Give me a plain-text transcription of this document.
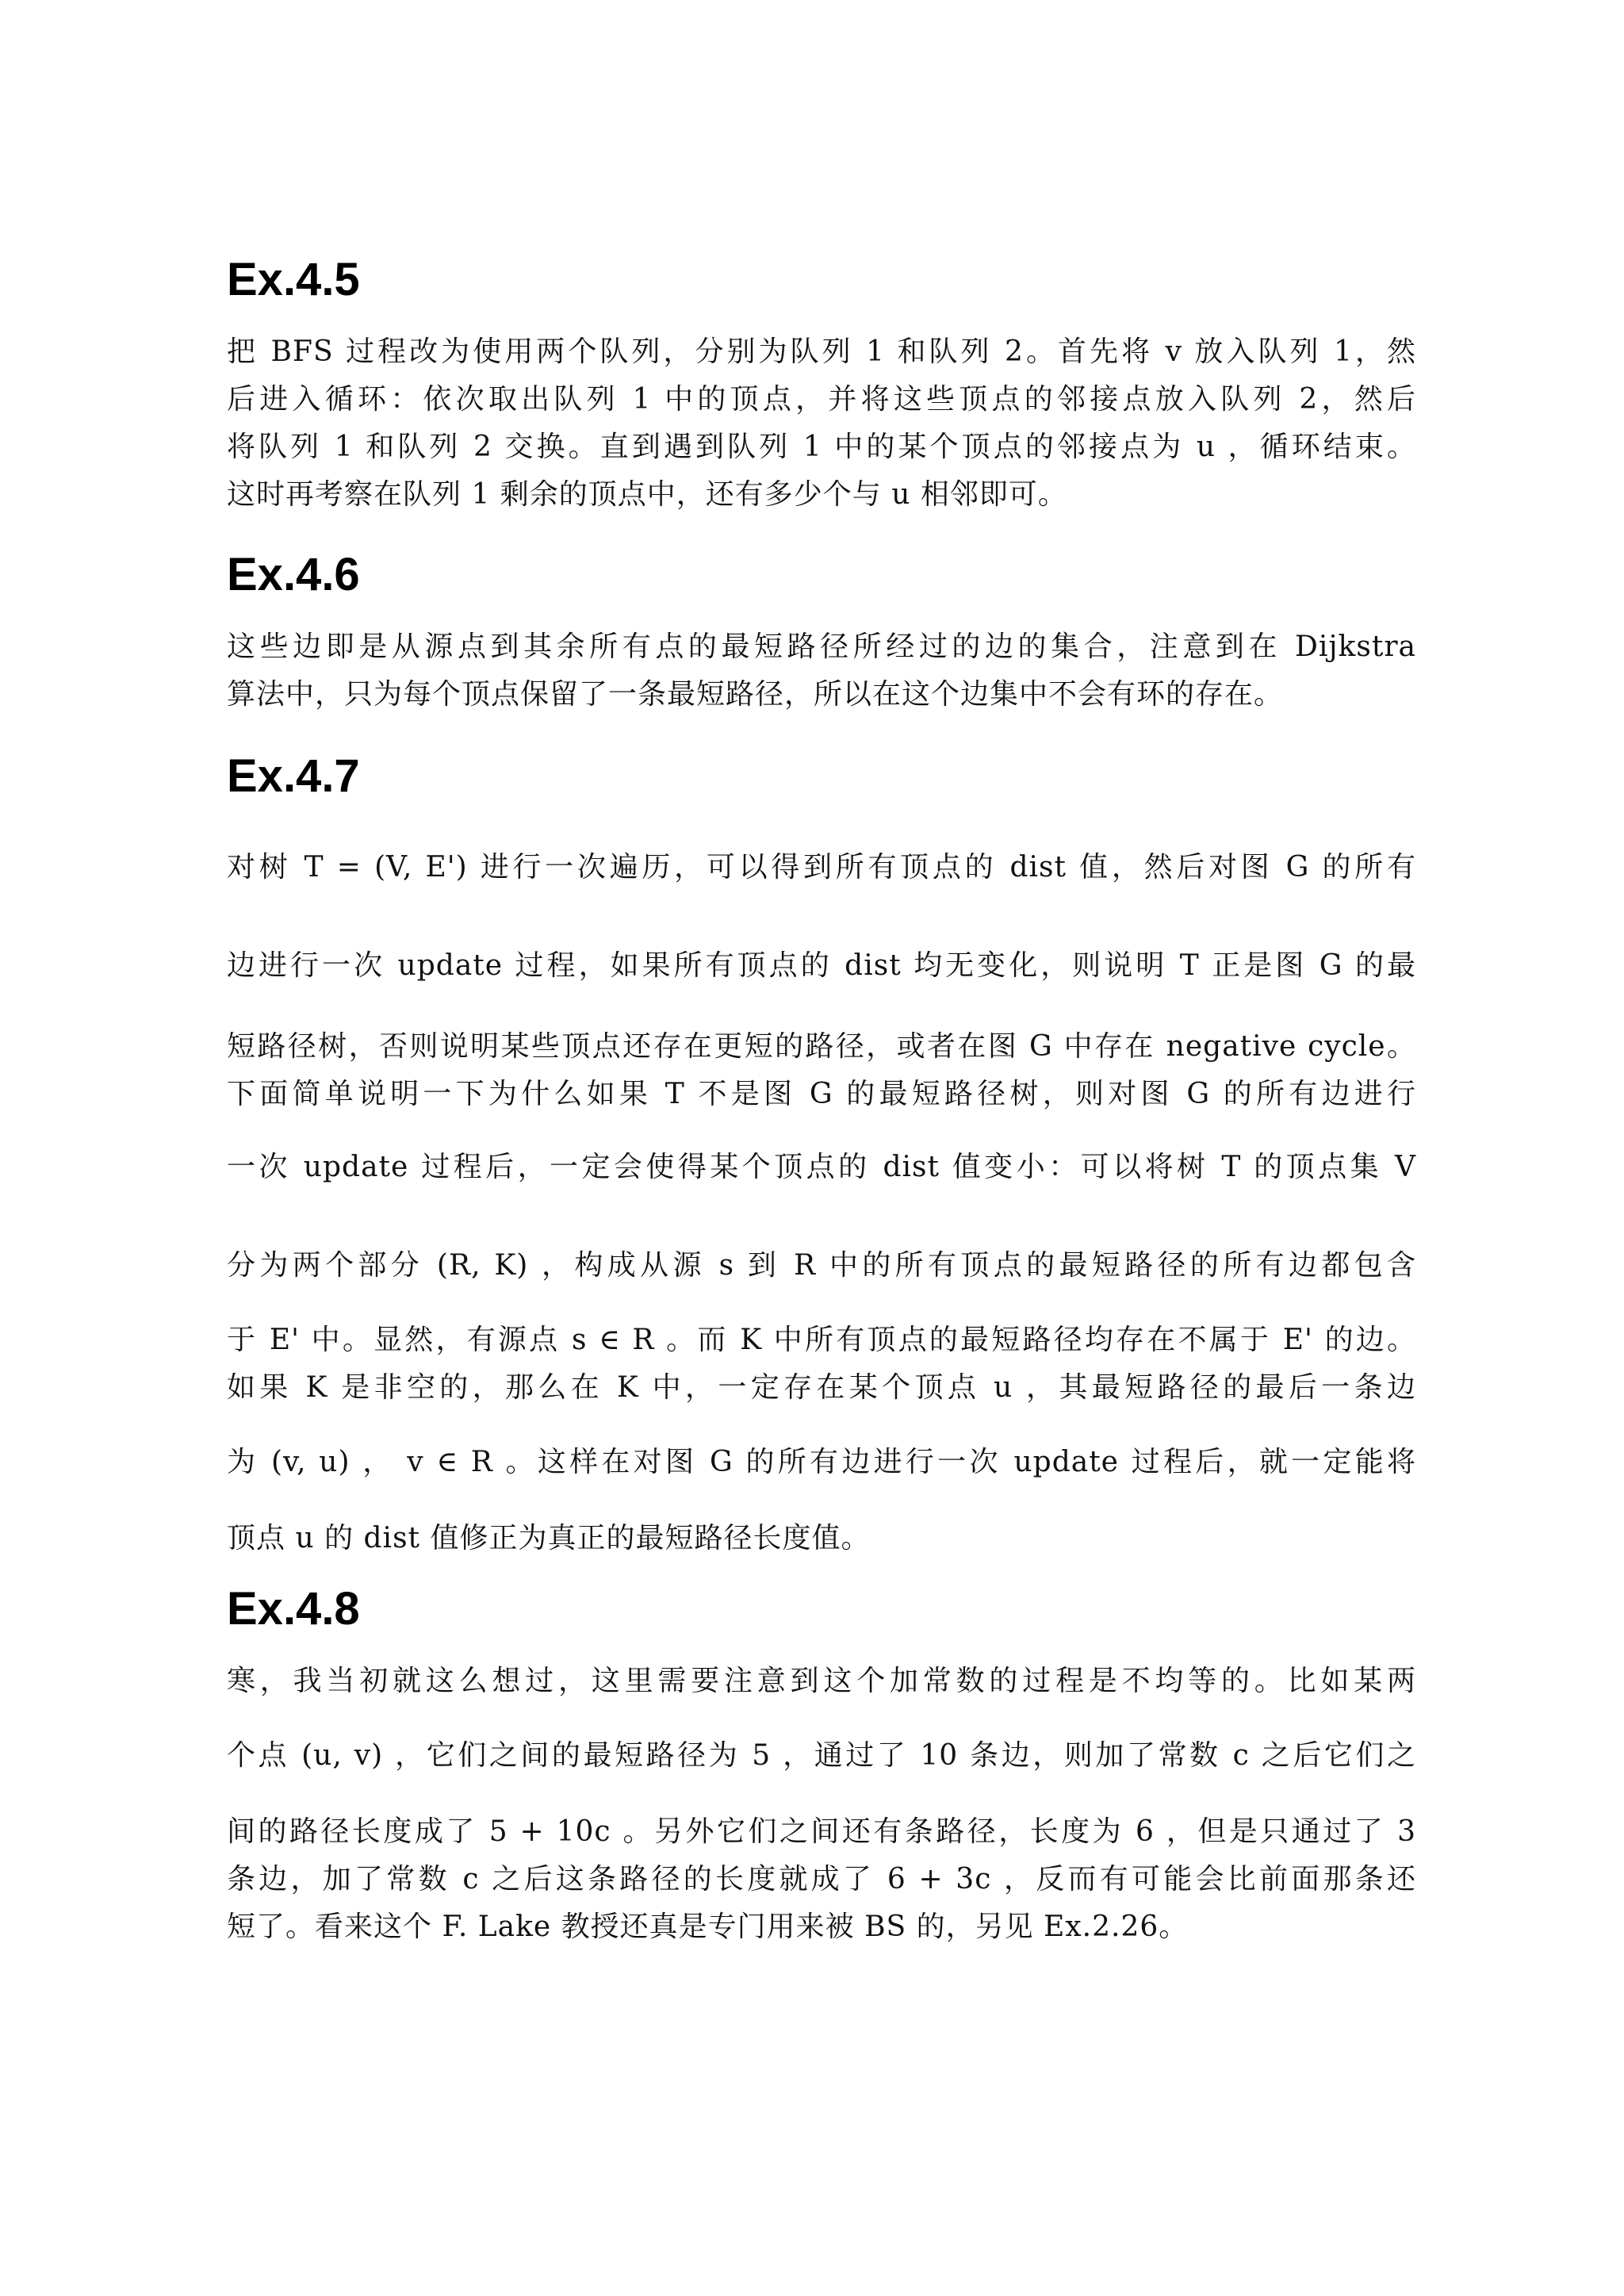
Ex.4.5
把 BFS 过程改为使用两个队列，分别为队列 1 和队列 2。首先将 v 放入队列 1，然
后进入循环：依次取出队列 1 中的顶点，并将这些顶点的邻接点放入队列 2，然后
将队列 1 和队列 2 交换。直到遇到队列 1 中的某个顶点的邻接点为 u ，循环结束。
这时再考察在队列 1 剩余的顶点中，还有多少个与 u 相邻即可。
Ex.4.6
这些边即是从源点到其余所有点的最短路径所经过的边的集合，注意到在 Dijkstra
算法中，只为每个顶点保留了一条最短路径，所以在这个边集中不会有环的存在。
Ex.4.7
对树 T = (V, E') 进行一次遍历，可以得到所有顶点的 dist 值，然后对图 G 的所有
边进行一次 update 过程，如果所有顶点的 dist 均无变化，则说明 T 正是图 G 的最
短路径树，否则说明某些顶点还存在更短的路径，或者在图 G 中存在 negative cycle。
下面简单说明一下为什么如果 T 不是图 G 的最短路径树，则对图 G 的所有边进行
一次 update 过程后，一定会使得某个顶点的 dist 值变小：可以将树 T 的顶点集 V
分为两个部分 (R, K) ，构成从源 s 到 R 中的所有顶点的最短路径的所有边都包含
于 E' 中。显然，有源点 s ∈ R 。而 K 中所有顶点的最短路径均存在不属于 E' 的边。
如果 K 是非空的，那么在 K 中，一定存在某个顶点 u ，其最短路径的最后一条边
为 (v, u) ， v ∈ R 。这样在对图 G 的所有边进行一次 update 过程后，就一定能将
顶点 u 的 dist 值修正为真正的最短路径长度值。
Ex.4.8
寒，我当初就这么想过，这里需要注意到这个加常数的过程是不均等的。比如某两
个点 (u, v) ，它们之间的最短路径为 5 ，通过了 10 条边，则加了常数 c 之后它们之
间的路径长度成了 5 + 10c 。另外它们之间还有条路径，长度为 6 ，但是只通过了 3
条边，加了常数 c 之后这条路径的长度就成了 6 + 3c ，反而有可能会比前面那条还
短了。看来这个 F. Lake 教授还真是专门用来被 BS 的，另见 Ex.2.26。
